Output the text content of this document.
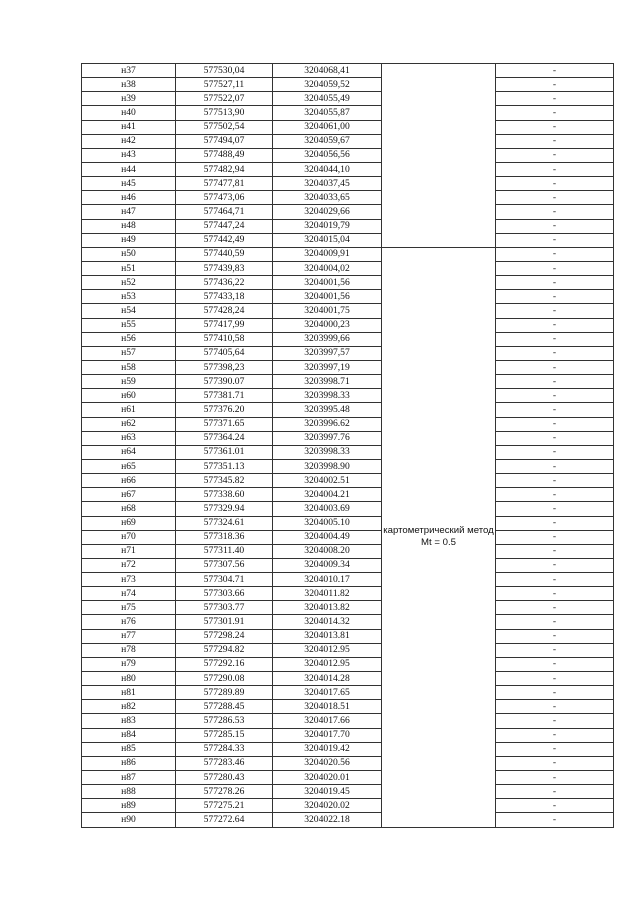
н37	577530,04	3204068,41		-
н38	577527,11	3204059,52		-
н39	577522,07	3204055,49		-
н40	577513,90	3204055,87		-
н41	577502,54	3204061,00		-
н42	577494,07	3204059,67		-
н43	577488,49	3204056,56		-
н44	577482,94	3204044,10		-
н45	577477,81	3204037,45		-
н46	577473,06	3204033,65		-
н47	577464,71	3204029,66		-
н48	577447,24	3204019,79		-
н49	577442,49	3204015,04		-
н50	577440,59	3204009,91	картометрический метод Mt = 0.5	-
н51	577439,83	3204004,02		-
н52	577436,22	3204001,56		-
н53	577433,18	3204001,56		-
н54	577428,24	3204001,75		-
н55	577417,99	3204000,23		-
н56	577410,58	3203999,66		-
н57	577405,64	3203997,57		-
н58	577398,23	3203997,19		-
н59	577390.07	3203998.71		-
н60	577381.71	3203998.33		-
н61	577376.20	3203995.48		-
н62	577371.65	3203996.62		-
н63	577364.24	3203997.76		-
н64	577361.01	3203998.33		-
н65	577351.13	3203998.90		-
н66	577345.82	3204002.51		-
н67	577338.60	3204004.21		-
н68	577329.94	3204003.69		-
н69	577324.61	3204005.10		-
н70	577318.36	3204004.49		-
н71	577311.40	3204008.20		-
н72	577307.56	3204009.34		-
н73	577304.71	3204010.17		-
н74	577303.66	3204011.82		-
н75	577303.77	3204013.82		-
н76	577301.91	3204014.32		-
н77	577298.24	3204013.81		-
н78	577294.82	3204012.95		-
н79	577292.16	3204012.95		-
н80	577290.08	3204014.28		-
н81	577289.89	3204017.65		-
н82	577288.45	3204018.51		-
н83	577286.53	3204017.66		-
н84	577285.15	3204017.70		-
н85	577284.33	3204019.42		-
н86	577283.46	3204020.56		-
н87	577280.43	3204020.01		-
н88	577278.26	3204019.45		-
н89	577275.21	3204020.02		-
н90	577272.64	3204022.18		-
